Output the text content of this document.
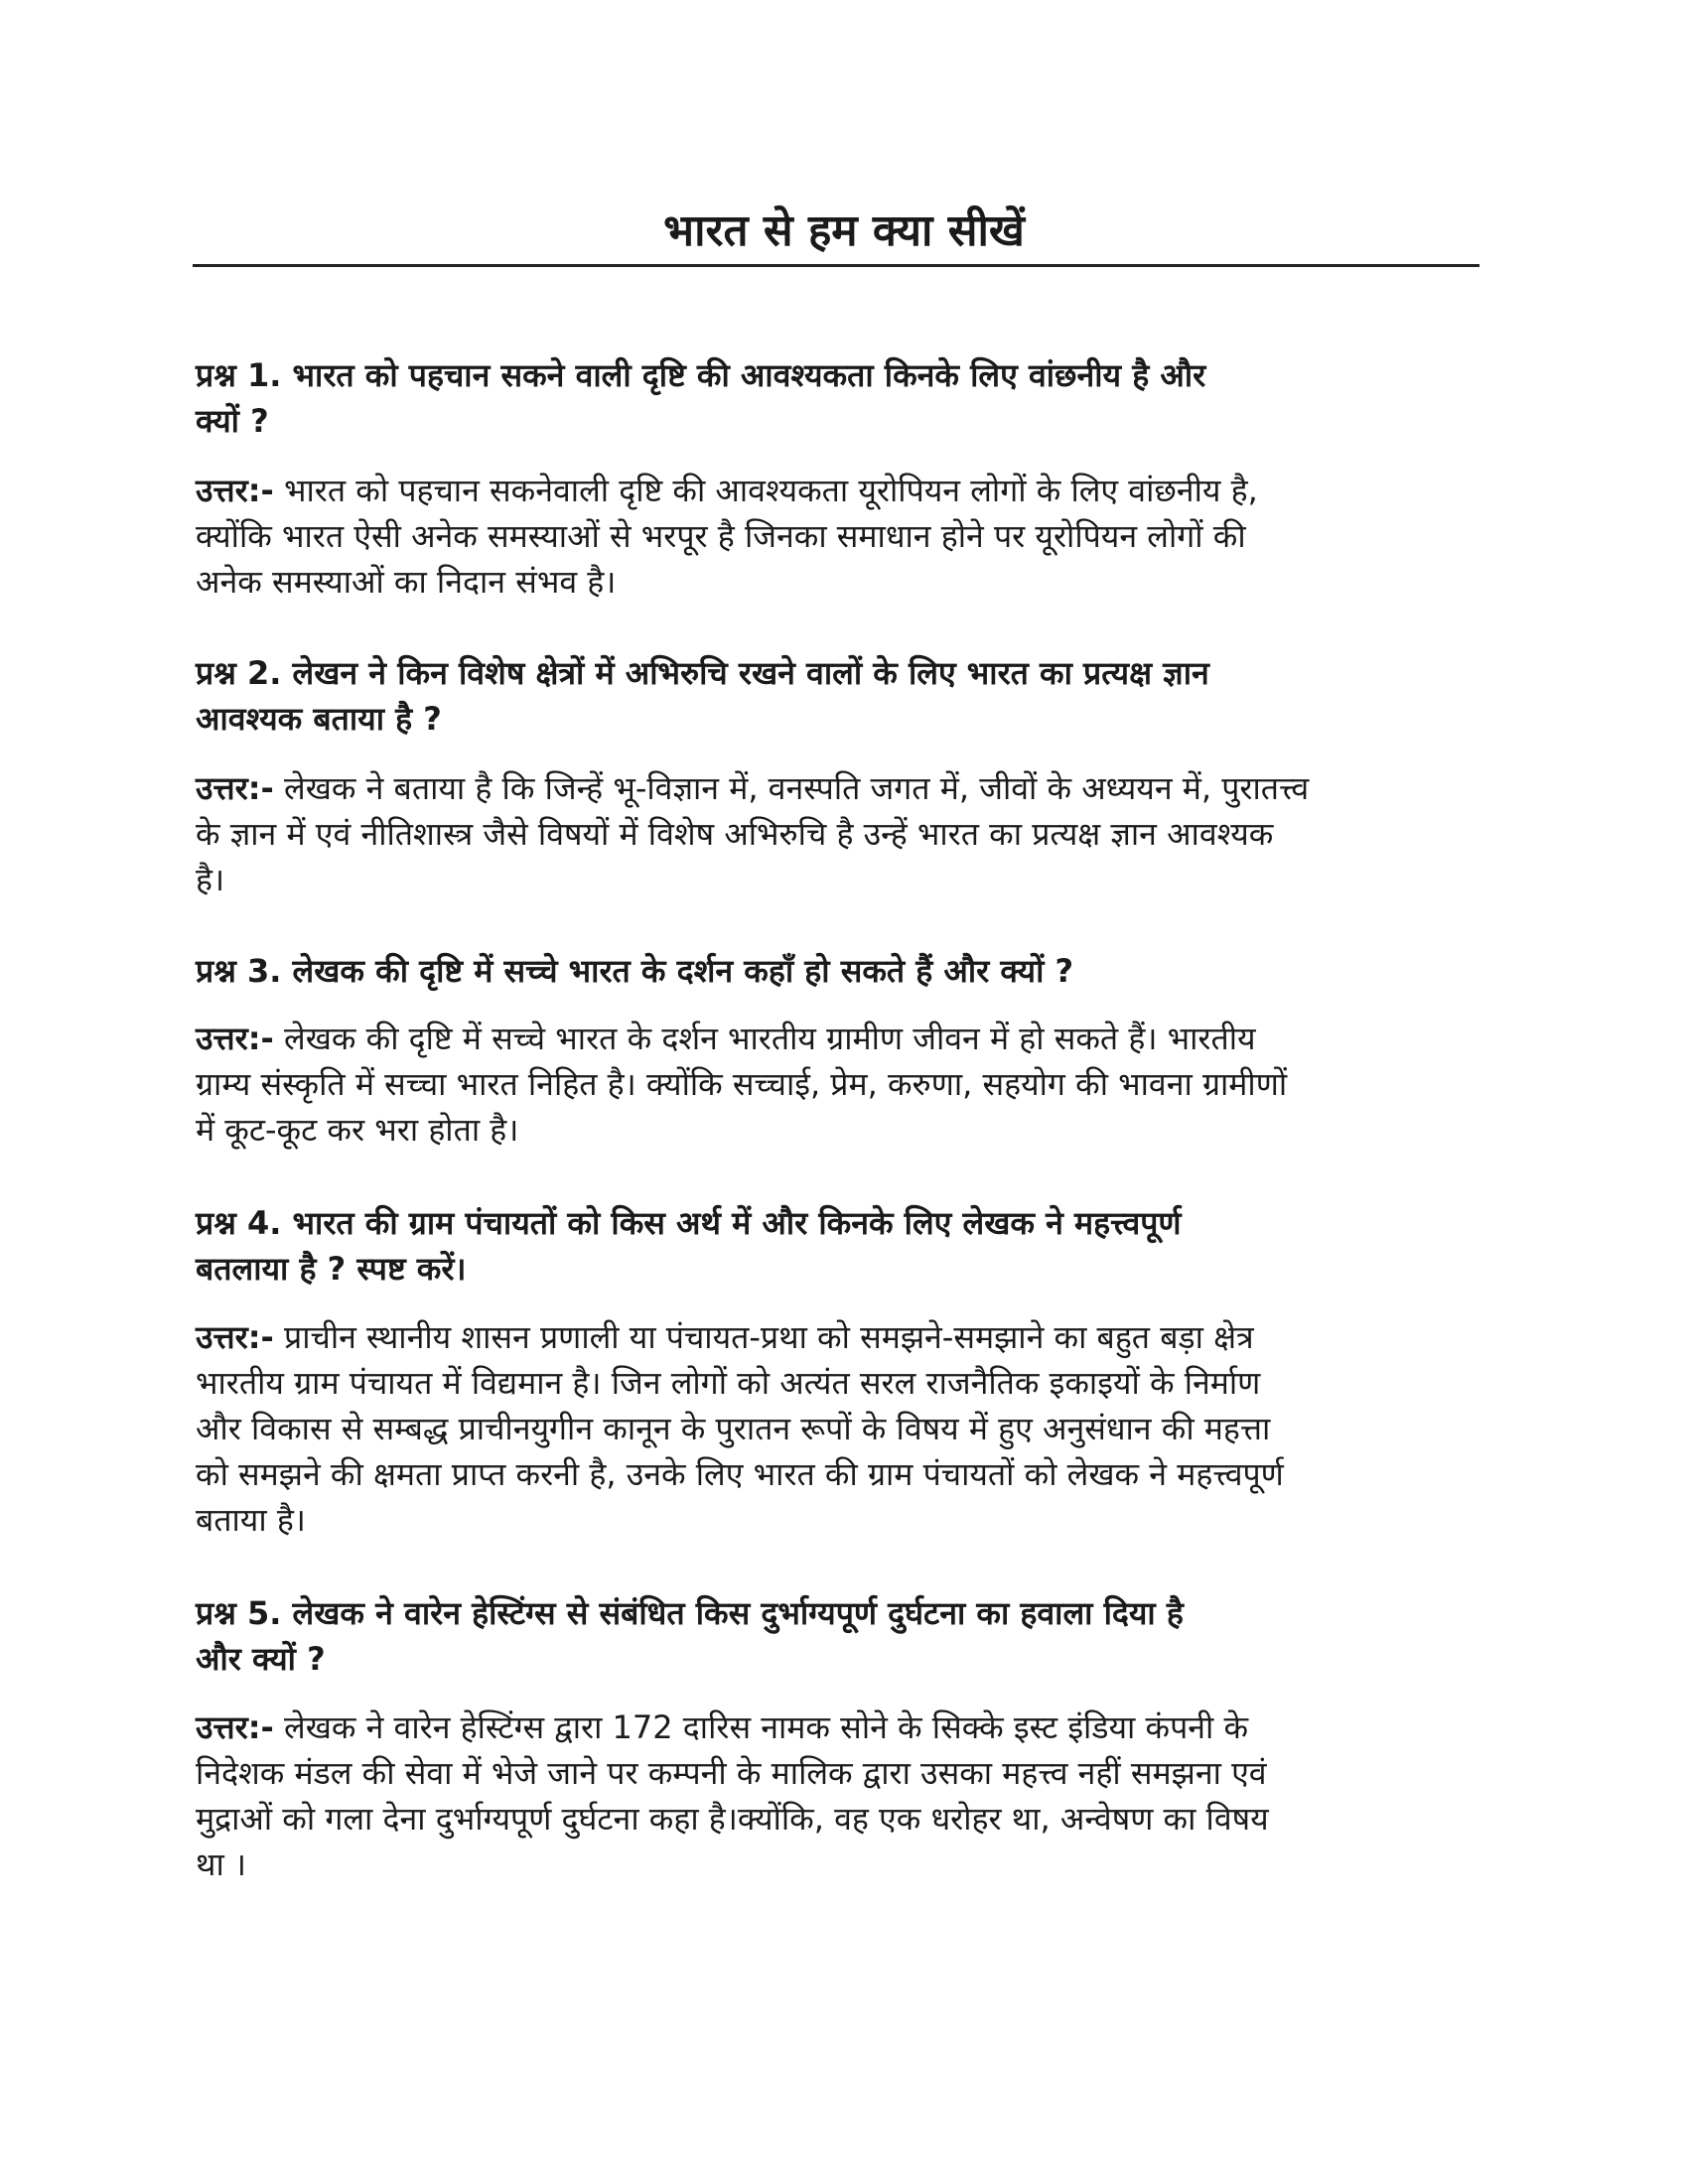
भारत से हम क्या सीखें
प्रश्न 1. भारत को पहचान सकने वाली दृष्टि की आवश्यकता किनके लिए वांछनीय है और
क्यों ?
उत्तर:- भारत को पहचान सकनेवाली दृष्टि की आवश्यकता यूरोपियन लोगों के लिए वांछनीय है,
क्योंकि भारत ऐसी अनेक समस्याओं से भरपूर है जिनका समाधान होने पर यूरोपियन लोगों की
अनेक समस्याओं का निदान संभव है।
प्रश्न 2. लेखन ने किन विशेष क्षेत्रों में अभिरुचि रखने वालों के लिए भारत का प्रत्यक्ष ज्ञान
आवश्यक बताया है ?
उत्तर:- लेखक ने बताया है कि जिन्हें भू-विज्ञान में, वनस्पति जगत में, जीवों के अध्ययन में, पुरातत्त्व
के ज्ञान में एवं नीतिशास्त्र जैसे विषयों में विशेष अभिरुचि है उन्हें भारत का प्रत्यक्ष ज्ञान आवश्यक
है।
प्रश्न 3. लेखक की दृष्टि में सच्चे भारत के दर्शन कहाँ हो सकते हैं और क्यों ?
उत्तर:- लेखक की दृष्टि में सच्चे भारत के दर्शन भारतीय ग्रामीण जीवन में हो सकते हैं। भारतीय
ग्राम्य संस्कृति में सच्चा भारत निहित है। क्योंकि सच्चाई, प्रेम, करुणा, सहयोग की भावना ग्रामीणों
में कूट-कूट कर भरा होता है।
प्रश्न 4. भारत की ग्राम पंचायतों को किस अर्थ में और किनके लिए लेखक ने महत्त्वपूर्ण
बतलाया है ? स्पष्ट करें।
उत्तर:- प्राचीन स्थानीय शासन प्रणाली या पंचायत-प्रथा को समझने-समझाने का बहुत बड़ा क्षेत्र
भारतीय ग्राम पंचायत में विद्यमान है। जिन लोगों को अत्यंत सरल राजनैतिक इकाइयों के निर्माण
और विकास से सम्बद्ध प्राचीनयुगीन कानून के पुरातन रूपों के विषय में हुए अनुसंधान की महत्ता
को समझने की क्षमता प्राप्त करनी है, उनके लिए भारत की ग्राम पंचायतों को लेखक ने महत्त्वपूर्ण
बताया है।
प्रश्न 5. लेखक ने वारेन हेस्टिंग्स से संबंधित किस दुर्भाग्यपूर्ण दुर्घटना का हवाला दिया है
और क्यों ?
उत्तर:- लेखक ने वारेन हेस्टिंग्स द्वारा 172 दारिस नामक सोने के सिक्के इस्ट इंडिया कंपनी के
निदेशक मंडल की सेवा में भेजे जाने पर कम्पनी के मालिक द्वारा उसका महत्त्व नहीं समझना एवं
मुद्राओं को गला देना दुर्भाग्यपूर्ण दुर्घटना कहा है।क्योंकि, वह एक धरोहर था, अन्वेषण का विषय
था ।
